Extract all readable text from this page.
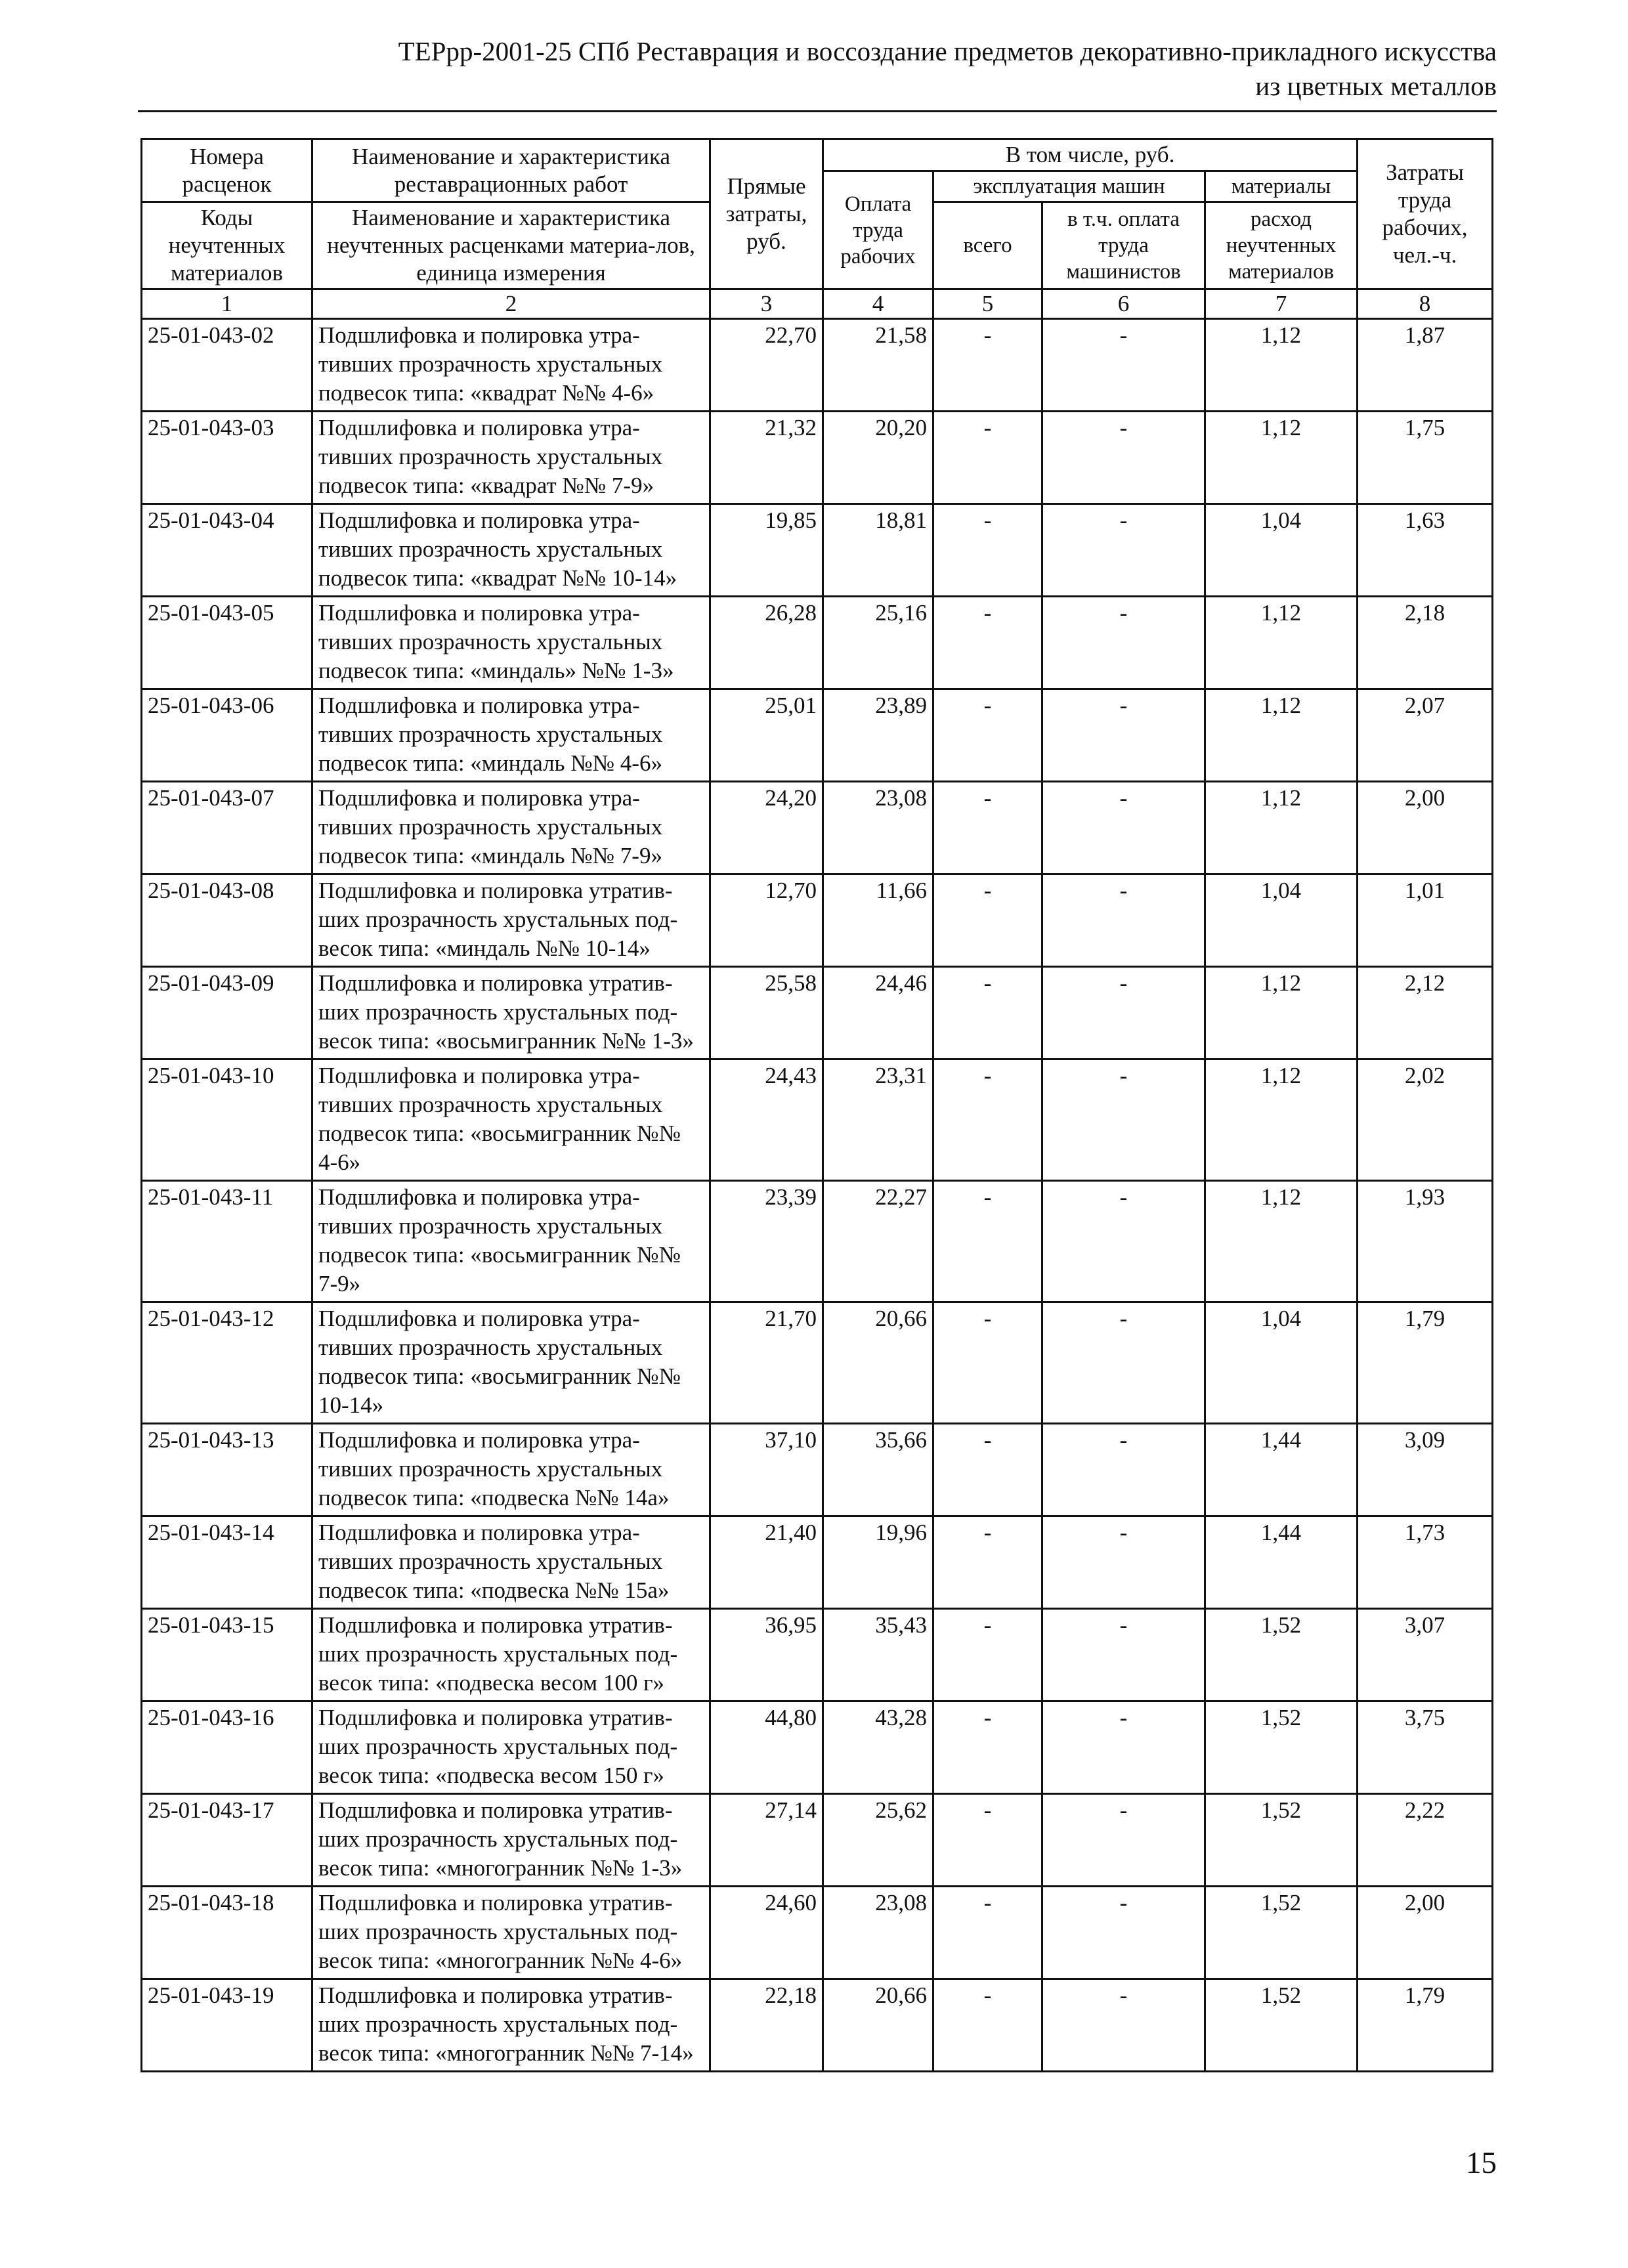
ТЕРрр-2001-25 СПб Реставрация и воссоздание предметов декоративно-прикладного искусства
из цветных металлов
Номера расценок	Наименование и характеристика реставрационных работ	Прямые затраты, руб.	В том числе, руб.				Затраты труда рабочих, чел.-ч.
			Оплата труда рабочих	эксплуатация машин		материалы	
Коды неучтенных материалов	Наименование и характеристика неучтенных расценками материа-лов, единица измерения			всего	в т.ч. оплата труда машинистов	расход неучтенных материалов	

1	2	3	4	5	6	7	8
25-01-043-02	Подшлифовка и полировка утра-тивших прозрачность хрустальных подвесок типа: «квадрат №№ 4-6»	22,70	21,58	-	-	1,12	1,87
25-01-043-03	Подшлифовка и полировка утра-тивших прозрачность хрустальных подвесок типа: «квадрат №№ 7-9»	21,32	20,20	-	-	1,12	1,75
25-01-043-04	Подшлифовка и полировка утра-тивших прозрачность хрустальных подвесок типа: «квадрат №№ 10-14»	19,85	18,81	-	-	1,04	1,63
25-01-043-05	Подшлифовка и полировка утра-тивших прозрачность хрустальных подвесок типа: «миндаль» №№ 1-3»	26,28	25,16	-	-	1,12	2,18
25-01-043-06	Подшлифовка и полировка утра-тивших прозрачность хрустальных подвесок типа: «миндаль №№ 4-6»	25,01	23,89	-	-	1,12	2,07
25-01-043-07	Подшлифовка и полировка утра-тивших прозрачность хрустальных подвесок типа: «миндаль №№ 7-9»	24,20	23,08	-	-	1,12	2,00
25-01-043-08	Подшлифовка и полировка утратив-ших прозрачность хрустальных под-весок типа: «миндаль №№ 10-14»	12,70	11,66	-	-	1,04	1,01
25-01-043-09	Подшлифовка и полировка утратив-ших прозрачность хрустальных под-весок типа: «восьмигранник №№ 1-3»	25,58	24,46	-	-	1,12	2,12
25-01-043-10	Подшлифовка и полировка утра-тивших прозрачность хрустальных подвесок типа: «восьмигранник №№ 4-6»	24,43	23,31	-	-	1,12	2,02
25-01-043-11	Подшлифовка и полировка утра-тивших прозрачность хрустальных подвесок типа: «восьмигранник №№ 7-9»	23,39	22,27	-	-	1,12	1,93
25-01-043-12	Подшлифовка и полировка утра-тивших прозрачность хрустальных подвесок типа: «восьмигранник №№ 10-14»	21,70	20,66	-	-	1,04	1,79
25-01-043-13	Подшлифовка и полировка утра-тивших прозрачность хрустальных подвесок типа: «подвеска №№ 14а»	37,10	35,66	-	-	1,44	3,09
25-01-043-14	Подшлифовка и полировка утра-тивших прозрачность хрустальных подвесок типа: «подвеска №№ 15а»	21,40	19,96	-	-	1,44	1,73
25-01-043-15	Подшлифовка и полировка утратив-ших прозрачность хрустальных под-весок типа: «подвеска весом 100 г»	36,95	35,43	-	-	1,52	3,07
25-01-043-16	Подшлифовка и полировка утратив-ших прозрачность хрустальных под-весок типа: «подвеска весом 150 г»	44,80	43,28	-	-	1,52	3,75
25-01-043-17	Подшлифовка и полировка утратив-ших прозрачность хрустальных под-весок типа: «многогранник №№ 1-3»	27,14	25,62	-	-	1,52	2,22
25-01-043-18	Подшлифовка и полировка утратив-ших прозрачность хрустальных под-весок типа: «многогранник №№ 4-6»	24,60	23,08	-	-	1,52	2,00
25-01-043-19	Подшлифовка и полировка утратив-ших прозрачность хрустальных под-весок типа: «многогранник №№ 7-14»	22,18	20,66	-	-	1,52	1,79
15
